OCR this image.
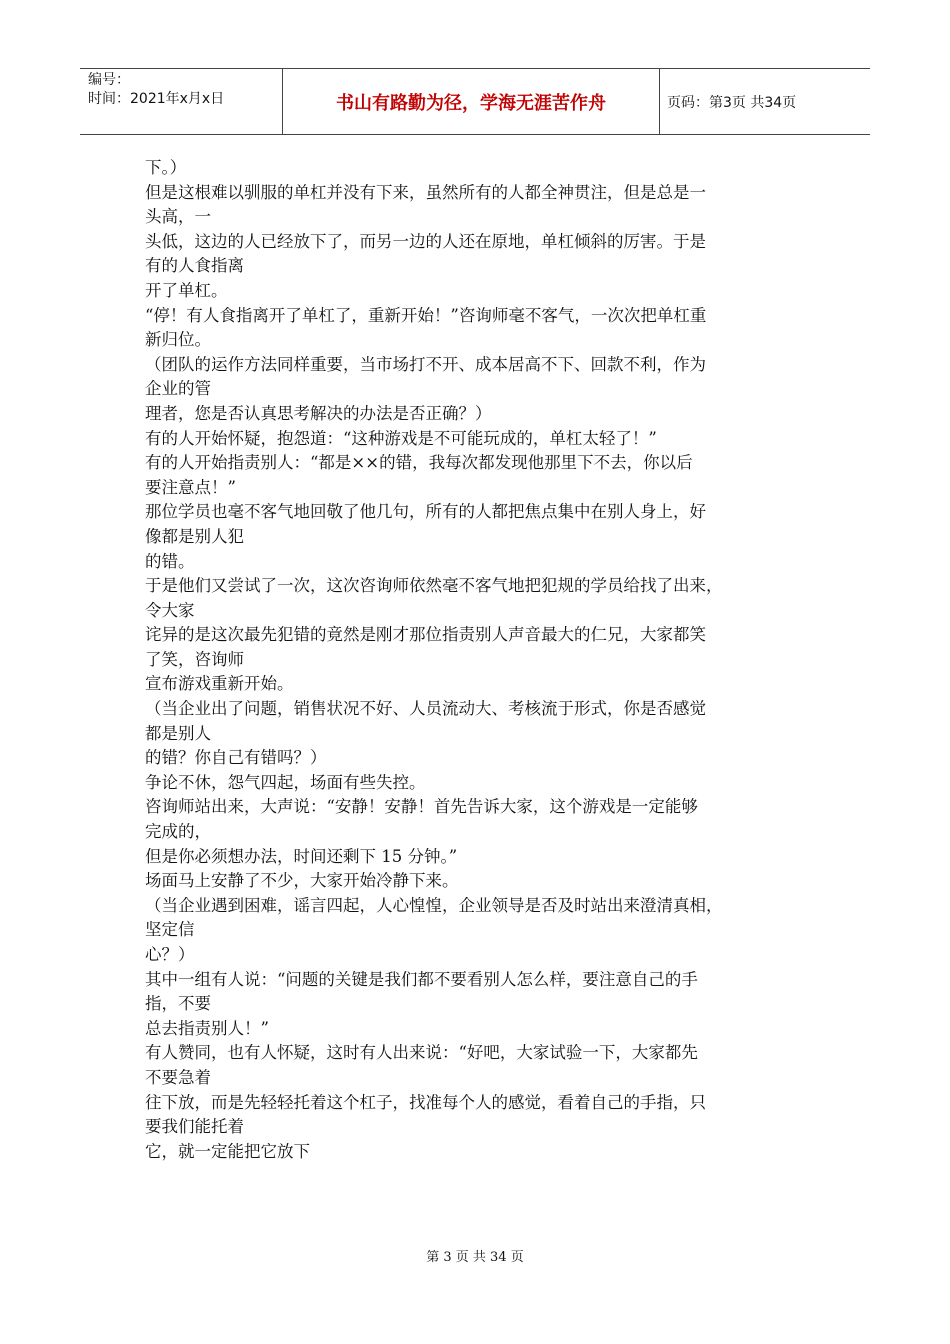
编号：
时间：2021年x月x日	书山有路勤为径，学海无涯苦作舟	页码：第3页 共34页
下。）
但是这根难以驯服的单杠并没有下来，虽然所有的人都全神贯注，但是总是一
头高，一
头低，这边的人已经放下了，而另一边的人还在原地，单杠倾斜的厉害。于是
有的人食指离
开了单杠。
“停！有人食指离开了单杠了，重新开始！”咨询师毫不客气，一次次把单杠重
新归位。
（团队的运作方法同样重要，当市场打不开、成本居高不下、回款不利，作为
企业的管
理者，您是否认真思考解决的办法是否正确？）
有的人开始怀疑，抱怨道：“这种游戏是不可能玩成的，单杠太轻了！”
有的人开始指责别人：“都是××的错，我每次都发现他那里下不去，你以后
要注意点！”
那位学员也毫不客气地回敬了他几句，所有的人都把焦点集中在别人身上，好
像都是别人犯
的错。
于是他们又尝试了一次，这次咨询师依然毫不客气地把犯规的学员给找了出来，
令大家
诧异的是这次最先犯错的竟然是刚才那位指责别人声音最大的仁兄，大家都笑
了笑，咨询师
宣布游戏重新开始。
（当企业出了问题，销售状况不好、人员流动大、考核流于形式，你是否感觉
都是别人
的错？你自己有错吗？）
争论不休，怨气四起，场面有些失控。
咨询师站出来，大声说：“安静！安静！首先告诉大家，这个游戏是一定能够
完成的，
但是你必须想办法，时间还剩下 15 分钟。”
场面马上安静了不少，大家开始冷静下来。
（当企业遇到困难，谣言四起，人心惶惶，企业领导是否及时站出来澄清真相，
坚定信
心？）
其中一组有人说：“问题的关键是我们都不要看别人怎么样，要注意自己的手
指，不要
总去指责别人！”
有人赞同，也有人怀疑，这时有人出来说：“好吧，大家试验一下，大家都先
不要急着
往下放，而是先轻轻托着这个杠子，找准每个人的感觉，看着自己的手指，只
要我们能托着
它，就一定能把它放下
第 3 页 共 34 页
